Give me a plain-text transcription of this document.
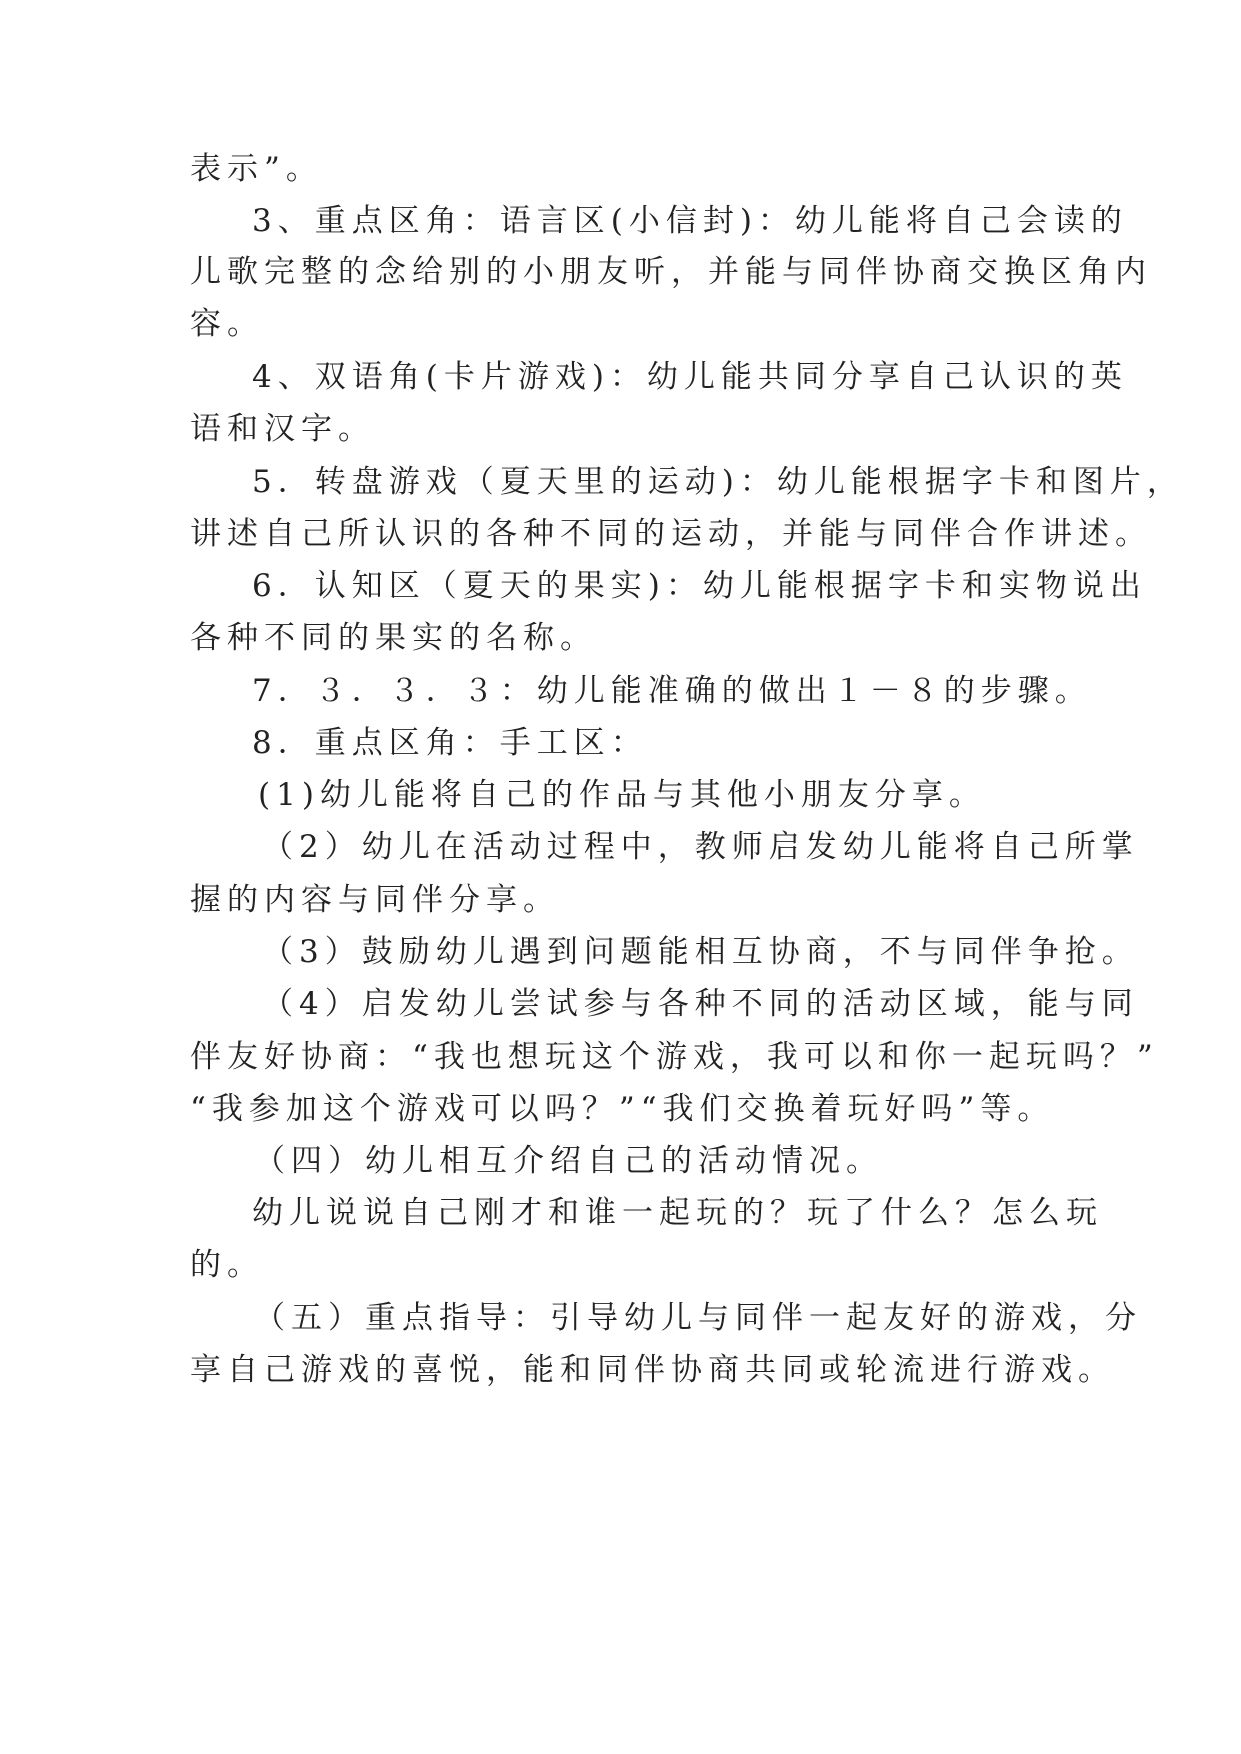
表示”。
3、重点区角：语言区(小信封)：幼儿能将自己会读的
儿歌完整的念给别的小朋友听，并能与同伴协商交换区角内
容。
4、双语角(卡片游戏)：幼儿能共同分享自己认识的英
语和汉字。
5．转盘游戏（夏天里的运动)：幼儿能根据字卡和图片，
讲述自己所认识的各种不同的运动，并能与同伴合作讲述。
6．认知区（夏天的果实)：幼儿能根据字卡和实物说出
各种不同的果实的名称。
7．３．３．３：幼儿能准确的做出１－８的步骤。
8．重点区角：手工区：
(1)幼儿能将自己的作品与其他小朋友分享。
（2）幼儿在活动过程中，教师启发幼儿能将自己所掌
握的内容与同伴分享。
（3）鼓励幼儿遇到问题能相互协商，不与同伴争抢。
（4）启发幼儿尝试参与各种不同的活动区域，能与同
伴友好协商：“我也想玩这个游戏，我可以和你一起玩吗？”
“我参加这个游戏可以吗？”“我们交换着玩好吗”等。
（四）幼儿相互介绍自己的活动情况。
幼儿说说自己刚才和谁一起玩的？玩了什么？怎么玩
的。
（五）重点指导：引导幼儿与同伴一起友好的游戏，分
享自己游戏的喜悦，能和同伴协商共同或轮流进行游戏。
